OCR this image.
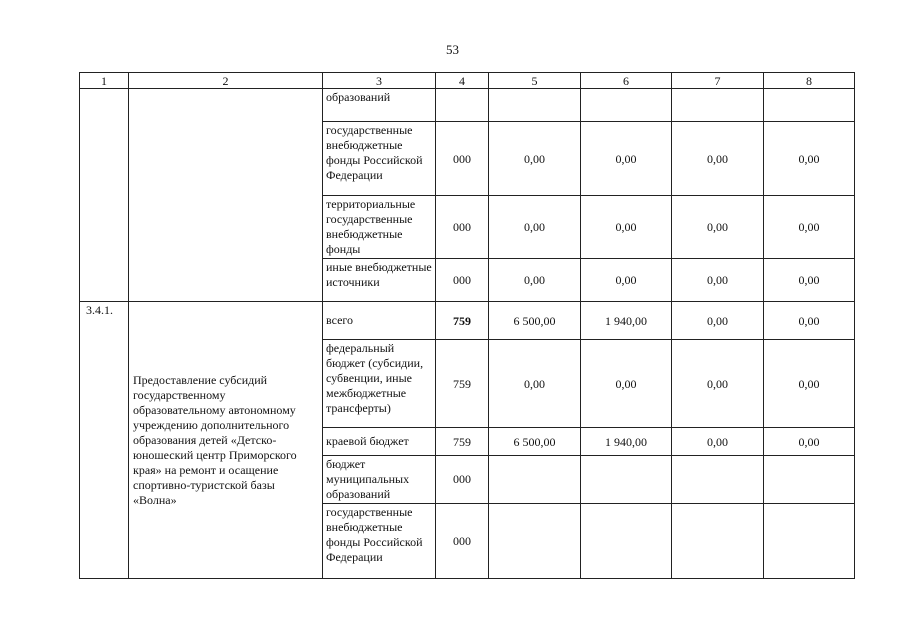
53
1	2	3	4	5	6	7	8
		образований					
		государственные внебюджетные фонды Российской Федерации	000	0,00	0,00	0,00	0,00
		территориальные государственные внебюджетные фонды	000	0,00	0,00	0,00	0,00
		иные внебюджетные источники	000	0,00	0,00	0,00	0,00
3.4.1.	Предоставление субсидий государственному образовательному автономному учреждению дополнительного образования детей «Детско-юношеский центр Приморского края» на ремонт и осащение спортивно-туристской базы «Волна»	всего	759	6 500,00	1 940,00	0,00	0,00
		федеральный бюджет (субсидии, субвенции, иные межбюджетные трансферты)	759	0,00	0,00	0,00	0,00
		краевой бюджет	759	6 500,00	1 940,00	0,00	0,00
		бюджет муниципальных образований	000				
		государственные внебюджетные фонды Российской Федерации	000				
